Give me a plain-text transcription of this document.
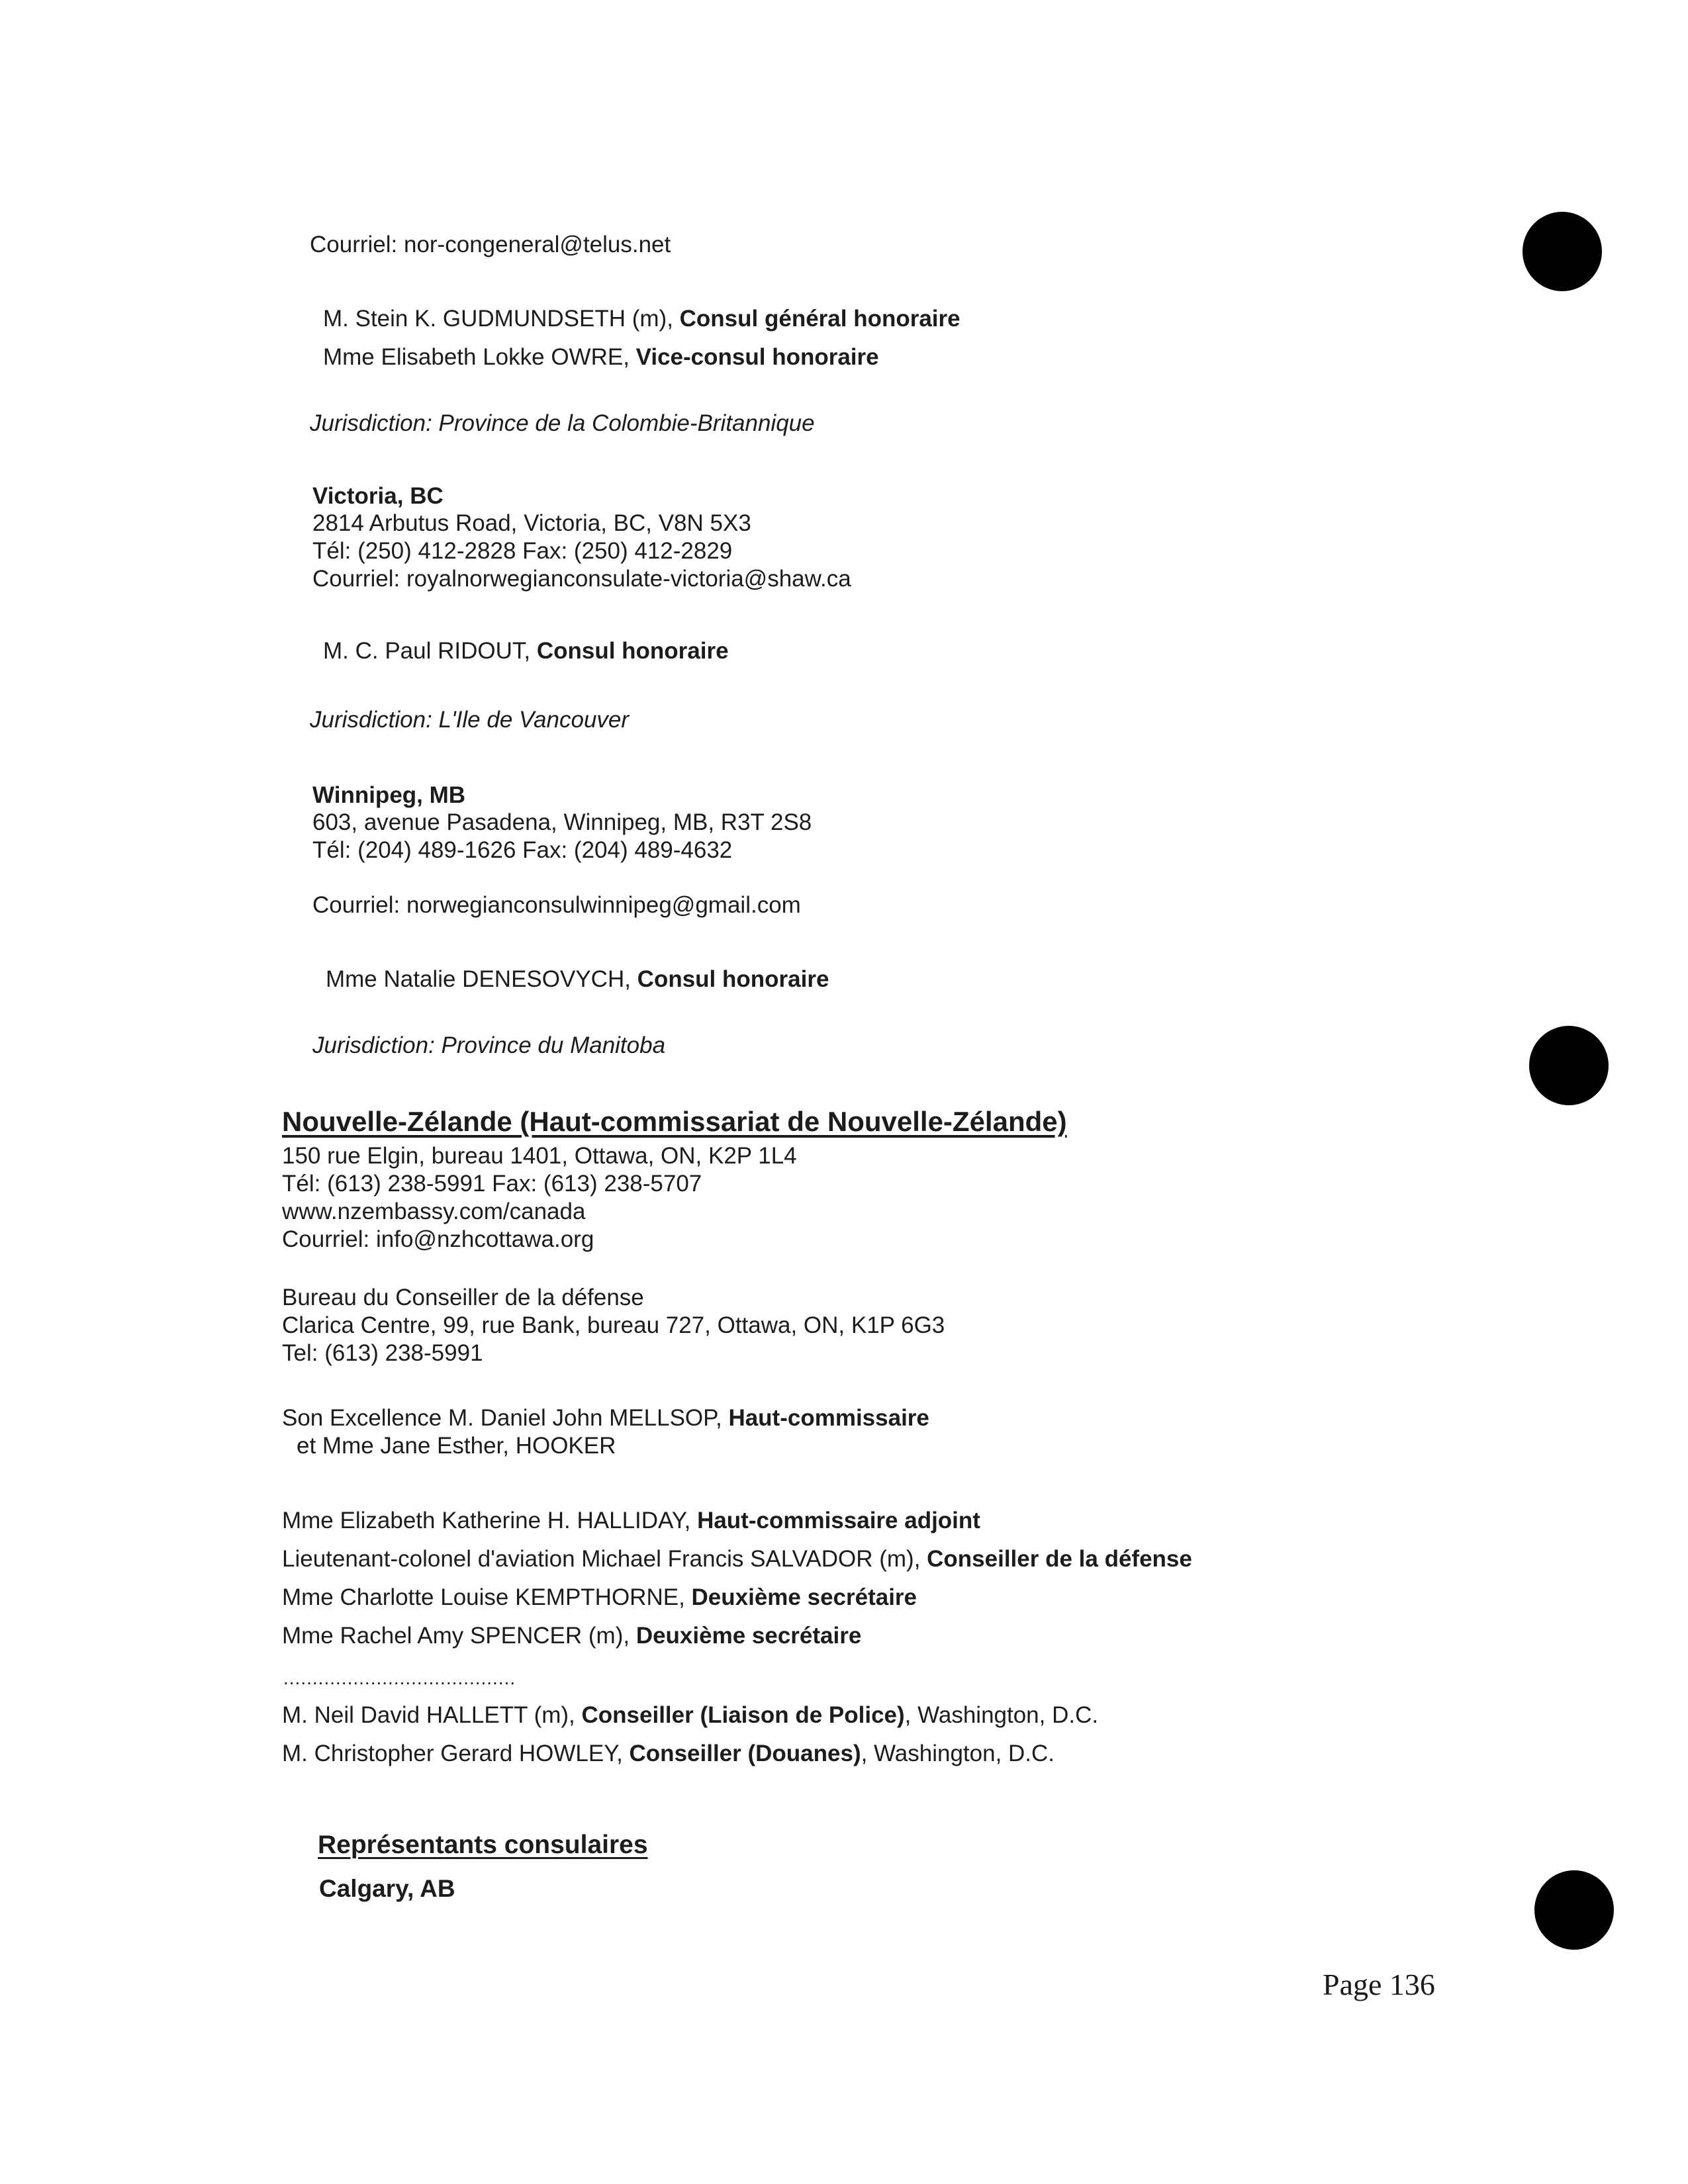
Courriel: nor-congeneral@telus.net
M. Stein K. GUDMUNDSETH (m), Consul général honoraire
Mme Elisabeth Lokke OWRE, Vice-consul honoraire
Jurisdiction: Province de la Colombie-Britannique
Victoria, BC
2814 Arbutus Road, Victoria, BC, V8N 5X3
Tél: (250) 412-2828 Fax: (250) 412-2829
Courriel: royalnorwegianconsulate-victoria@shaw.ca
M. C. Paul RIDOUT, Consul honoraire
Jurisdiction: L'Ile de Vancouver
Winnipeg, MB
603, avenue Pasadena, Winnipeg, MB, R3T 2S8
Tél: (204) 489-1626 Fax: (204) 489-4632
Courriel: norwegianconsulwinnipeg@gmail.com
Mme Natalie DENESOVYCH, Consul honoraire
Jurisdiction: Province du Manitoba
Nouvelle-Zélande (Haut-commissariat de Nouvelle-Zélande)
150 rue Elgin, bureau 1401, Ottawa, ON, K2P 1L4
Tél: (613) 238-5991 Fax: (613) 238-5707
www.nzembassy.com/canada
Courriel: info@nzhcottawa.org
Bureau du Conseiller de la défense
Clarica Centre, 99, rue Bank, bureau 727, Ottawa, ON, K1P 6G3
Tel: (613) 238-5991
Son Excellence M. Daniel John MELLSOP, Haut-commissaire
et Mme Jane Esther, HOOKER
Mme Elizabeth Katherine H. HALLIDAY, Haut-commissaire adjoint
Lieutenant-colonel d'aviation Michael Francis SALVADOR (m), Conseiller de la défense
Mme Charlotte Louise KEMPTHORNE, Deuxième secrétaire
Mme Rachel Amy SPENCER (m), Deuxième secrétaire
........................................
M. Neil David HALLETT (m), Conseiller (Liaison de Police), Washington, D.C.
M. Christopher Gerard HOWLEY, Conseiller (Douanes), Washington, D.C.
Représentants consulaires
Calgary, AB
Page 136
